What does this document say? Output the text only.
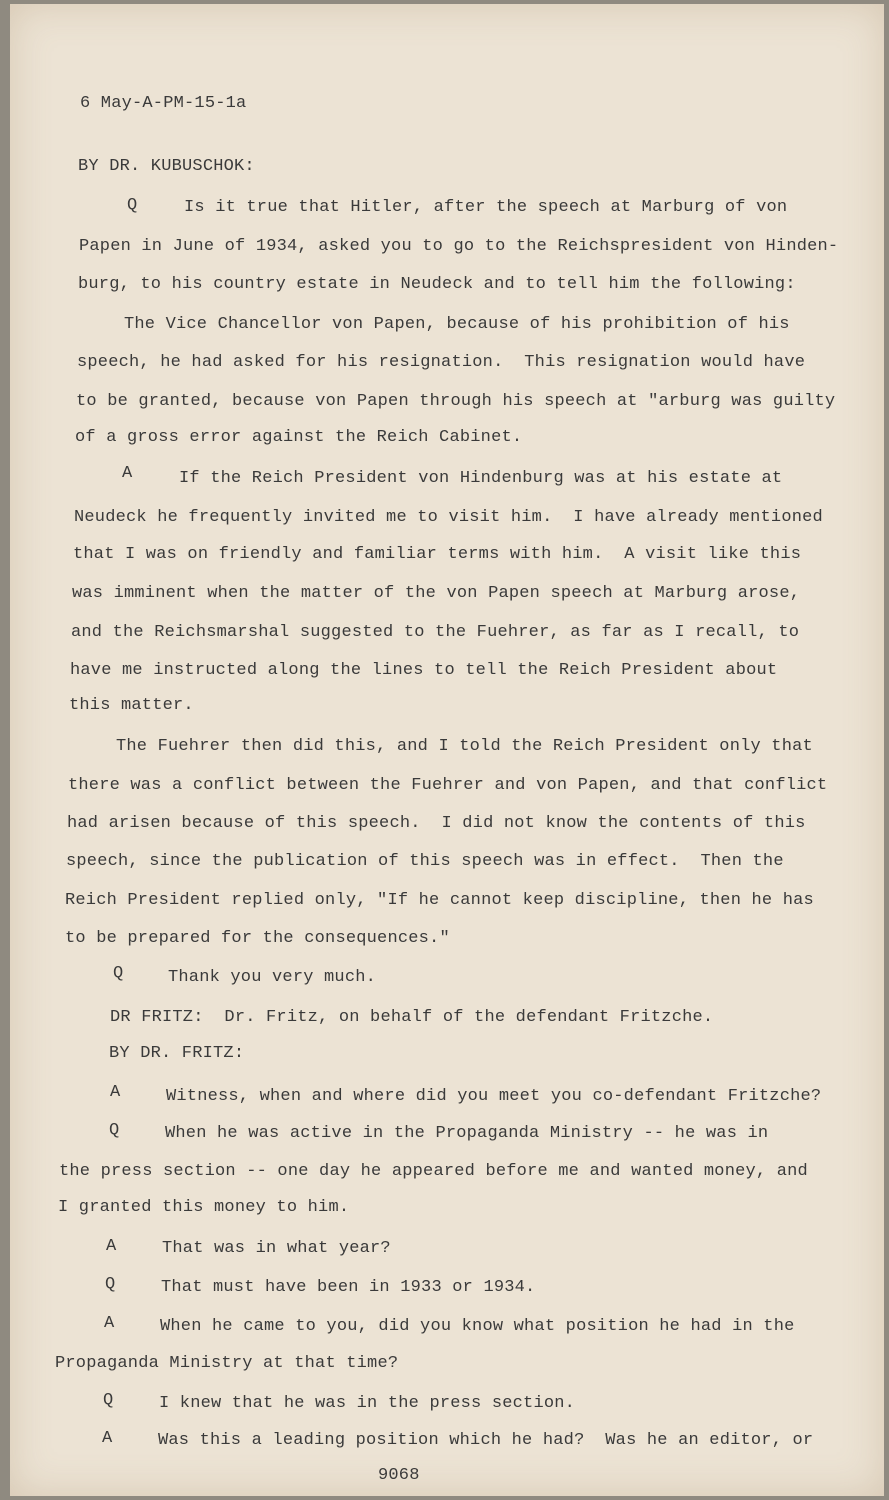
6 May-A-PM-15-1a
BY DR. KUBUSCHOK:
Q	Is it true that Hitler, after the speech at Marburg of von
Papen in June of 1934, asked you to go to the Reichspresident von Hinden-
burg, to his country estate in Neudeck and to tell him the following:
The Vice Chancellor von Papen, because of his prohibition of his
speech, he had asked for his resignation.  This resignation would have
to be granted, because von Papen through his speech at "arburg was guilty
of a gross error against the Reich Cabinet.
A	If the Reich President von Hindenburg was at his estate at
Neudeck he frequently invited me to visit him.  I have already mentioned
that I was on friendly and familiar terms with him.  A visit like this
was imminent when the matter of the von Papen speech at Marburg arose,
and the Reichsmarshal suggested to the Fuehrer, as far as I recall, to
have me instructed along the lines to tell the Reich President about
this matter.
The Fuehrer then did this, and I told the Reich President only that
there was a conflict between the Fuehrer and von Papen, and that conflict
had arisen because of this speech.  I did not know the contents of this
speech, since the publication of this speech was in effect.  Then the
Reich President replied only, "If he cannot keep discipline, then he has
to be prepared for the consequences."
Q	Thank you very much.
DR FRITZ:  Dr. Fritz, on behalf of the defendant Fritzche.
BY DR. FRITZ:
A	Witness, when and where did you meet you co-defendant Fritzche?
Q	When he was active in the Propaganda Ministry -- he was in
the press section -- one day he appeared before me and wanted money, and
I granted this money to him.
A	That was in what year?
Q	That must have been in 1933 or 1934.
A	When he came to you, did you know what position he had in the
Propaganda Ministry at that time?
Q	I knew that he was in the press section.
A	Was this a leading position which he had?  Was he an editor, or
9068
